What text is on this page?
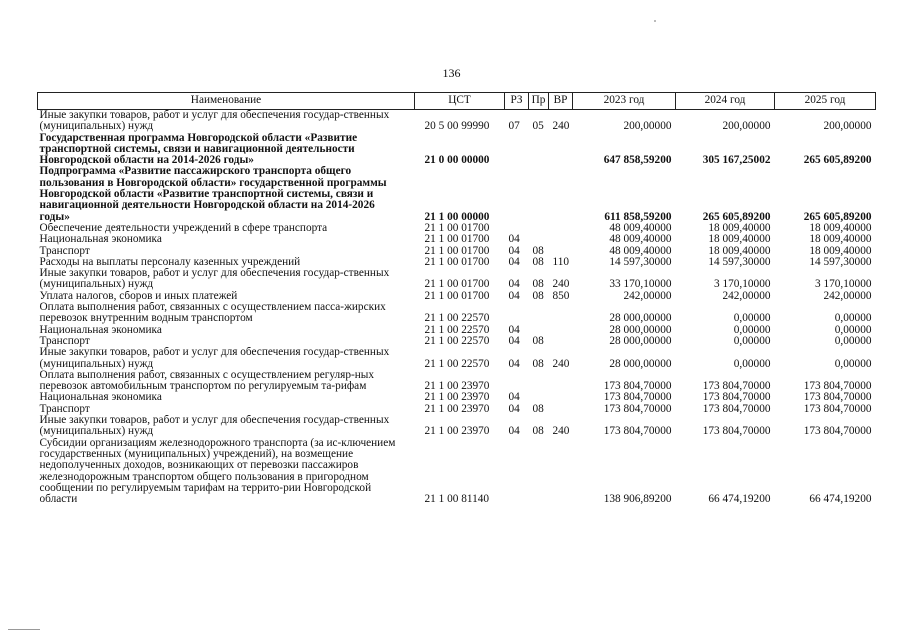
136
Наименование	ЦСТ	РЗ	Пр	ВР	2023 год	2024 год	2025 год
Иные закупки товаров, работ и услуг для обеспечения государ-ственных (муниципальных) нужд	20 5 00 99990	07	05	240	200,00000	200,00000	200,00000
Государственная программа Новгородской области «Развитие транспортной системы, связи и навигационной деятельности Новгородской области на 2014-2026 годы»	21 0 00 00000				647 858,59200	305 167,25002	265 605,89200
Подпрограмма «Развитие пассажирского транспорта общего пользования в Новгородской области» государственной программы Новгородской области «Развитие транспортной системы, связи и навигационной деятельности Новгородской области на 2014-2026 годы»	21 1 00 00000				611 858,59200	265 605,89200	265 605,89200
Обеспечение деятельности учреждений в сфере транспорта	21 1 00 01700				48 009,40000	18 009,40000	18 009,40000
Национальная экономика	21 1 00 01700	04			48 009,40000	18 009,40000	18 009,40000
Транспорт	21 1 00 01700	04	08		48 009,40000	18 009,40000	18 009,40000
Расходы на выплаты персоналу казенных учреждений	21 1 00 01700	04	08	110	14 597,30000	14 597,30000	14 597,30000
Иные закупки товаров, работ и услуг для обеспечения государ-ственных (муниципальных) нужд	21 1 00 01700	04	08	240	33 170,10000	3 170,10000	3 170,10000
Уплата налогов, сборов и иных платежей	21 1 00 01700	04	08	850	242,00000	242,00000	242,00000
Оплата выполнения работ, связанных с осуществлением пасса-жирских перевозок внутренним водным транспортом	21 1 00 22570				28 000,00000	0,00000	0,00000
Национальная экономика	21 1 00 22570	04			28 000,00000	0,00000	0,00000
Транспорт	21 1 00 22570	04	08		28 000,00000	0,00000	0,00000
Иные закупки товаров, работ и услуг для обеспечения государ-ственных (муниципальных) нужд	21 1 00 22570	04	08	240	28 000,00000	0,00000	0,00000
Оплата выполнения работ, связанных с осуществлением регуляр-ных перевозок автомобильным транспортом по регулируемым та-рифам	21 1 00 23970				173 804,70000	173 804,70000	173 804,70000
Национальная экономика	21 1 00 23970	04			173 804,70000	173 804,70000	173 804,70000
Транспорт	21 1 00 23970	04	08		173 804,70000	173 804,70000	173 804,70000
Иные закупки товаров, работ и услуг для обеспечения государ-ственных (муниципальных) нужд	21 1 00 23970	04	08	240	173 804,70000	173 804,70000	173 804,70000
Субсидии организациям железнодорожного транспорта (за ис-ключением государственных (муниципальных) учреждений), на возмещение недополученных доходов, возникающих от перевозки пассажиров железнодорожным транспортом общего пользования в пригородном сообщении по регулируемым тарифам на террито-рии Новгородской области	21 1 00 81140				138 906,89200	66 474,19200	66 474,19200
